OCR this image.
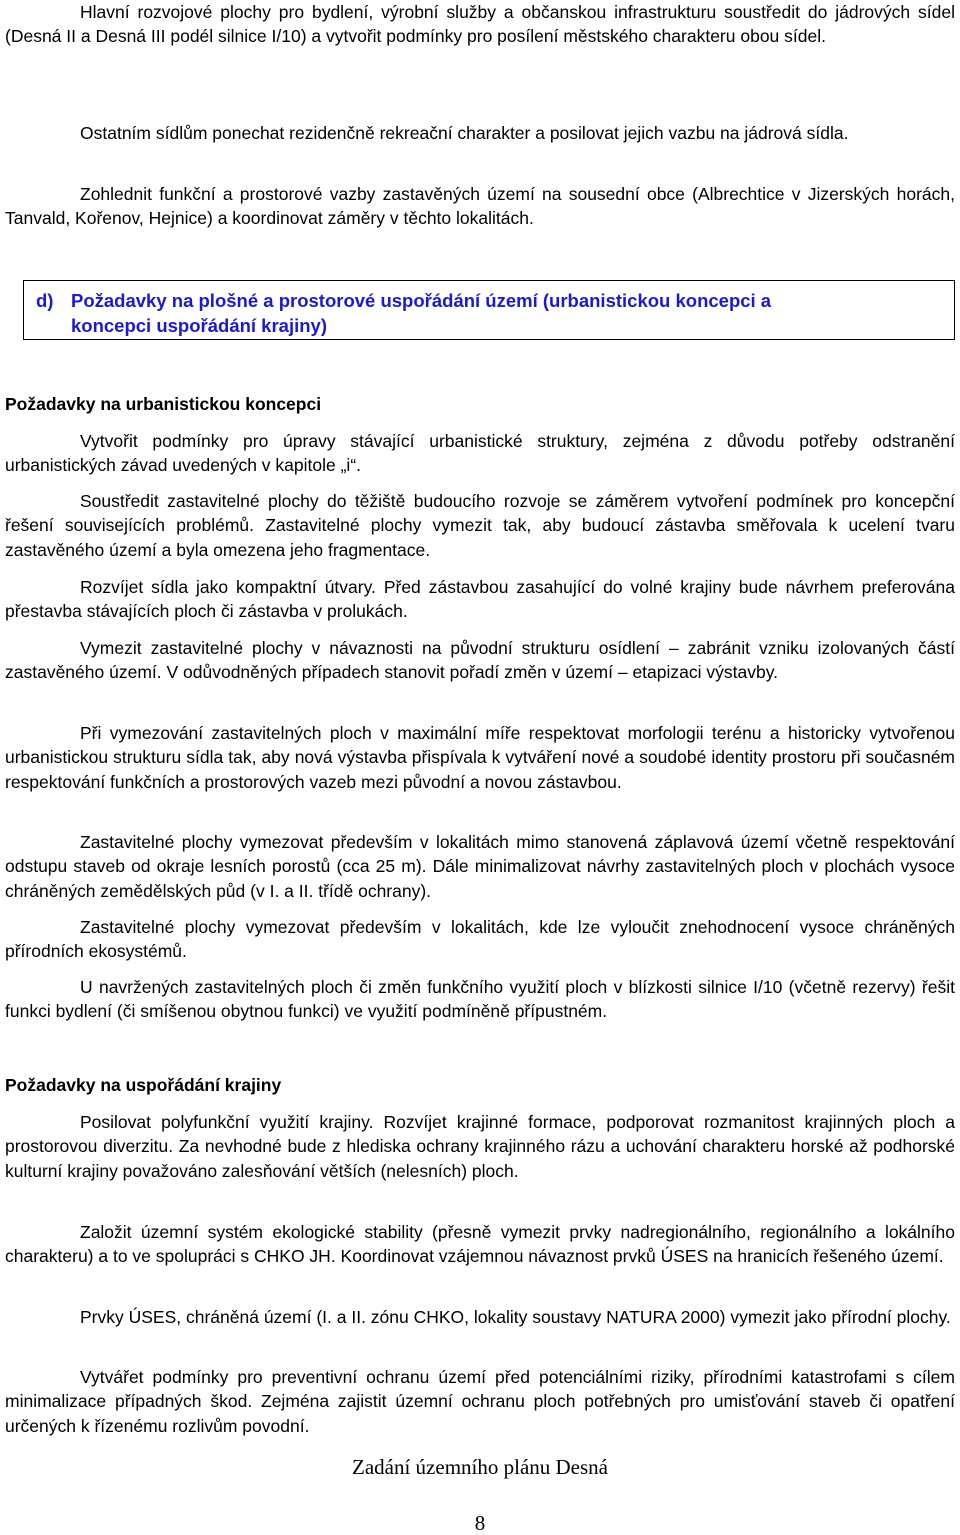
Hlavní rozvojové plochy pro bydlení, výrobní služby a občanskou infrastrukturu soustředit do jádrových sídel (Desná II a Desná III podél silnice I/10) a vytvořit podmínky pro posílení městského charakteru obou sídel.

Ostatním sídlům ponechat rezidenčně rekreační charakter a posilovat jejich vazbu na jádrová sídla.

Zohlednit funkční a prostorové vazby zastavěných území na sousední obce (Albrechtice v Jizerských horách, Tanvald, Kořenov, Hejnice) a koordinovat záměry v těchto lokalitách.

d) Požadavky na plošné a prostorové uspořádání území (urbanistickou koncepci a
koncepci uspořádání krajiny)
Požadavky na urbanistickou koncepci

Vytvořit podmínky pro úpravy stávající urbanistické struktury, zejména z důvodu potřeby odstranění urbanistických závad uvedených v kapitole „i“.

Soustředit zastavitelné plochy do těžiště budoucího rozvoje se záměrem vytvoření podmínek pro koncepční řešení souvisejících problémů. Zastavitelné plochy vymezit tak, aby budoucí zástavba směřovala k ucelení tvaru zastavěného území a byla omezena jeho fragmentace.

Rozvíjet sídla jako kompaktní útvary. Před zástavbou zasahující do volné krajiny bude návrhem preferována přestavba stávajících ploch či zástavba v prolukách.

Vymezit zastavitelné plochy v návaznosti na původní strukturu osídlení – zabránit vzniku izolovaných částí zastavěného území. V odůvodněných případech stanovit pořadí změn v území – etapizaci výstavby.

Při vymezování zastavitelných ploch v maximální míře respektovat morfologii terénu a historicky vytvořenou urbanistickou strukturu sídla tak, aby nová výstavba přispívala k vytváření nové a soudobé identity prostoru při současném respektování funkčních a prostorových vazeb mezi původní a novou zástavbou.

Zastavitelné plochy vymezovat především v lokalitách mimo stanovená záplavová území včetně respektování odstupu staveb od okraje lesních porostů (cca 25 m). Dále minimalizovat návrhy zastavitelných ploch v plochách vysoce chráněných zemědělských půd (v I. a II. třídě ochrany).

Zastavitelné plochy vymezovat především v lokalitách, kde lze vyloučit znehodnocení vysoce chráněných přírodních ekosystémů.

U navržených zastavitelných ploch či změn funkčního využití ploch v blízkosti silnice I/10 (včetně rezervy) řešit funkci bydlení (či smíšenou obytnou funkci) ve využití podmíněně přípustném.

Požadavky na uspořádání krajiny

Posilovat polyfunkční využití krajiny. Rozvíjet krajinné formace, podporovat rozmanitost krajinných ploch a prostorovou diverzitu. Za nevhodné bude z hlediska ochrany krajinného rázu a uchování charakteru horské až podhorské kulturní krajiny považováno zalesňování větších (nelesních) ploch.

Založit územní systém ekologické stability (přesně vymezit prvky nadregionálního, regionálního a lokálního charakteru) a to ve spolupráci s CHKO JH. Koordinovat vzájemnou návaznost prvků ÚSES na hranicích řešeného území.

Prvky ÚSES, chráněná území (I. a II. zónu CHKO, lokality soustavy NATURA 2000) vymezit jako přírodní plochy.

Vytvářet podmínky pro preventivní ochranu území před potenciálními riziky, přírodními katastrofami s cílem minimalizace případných škod. Zejména zajistit územní ochranu ploch potřebných pro umisťování staveb či opatření určených k řízenému rozlivům povodní.

Zadání územního plánu Desná
8
